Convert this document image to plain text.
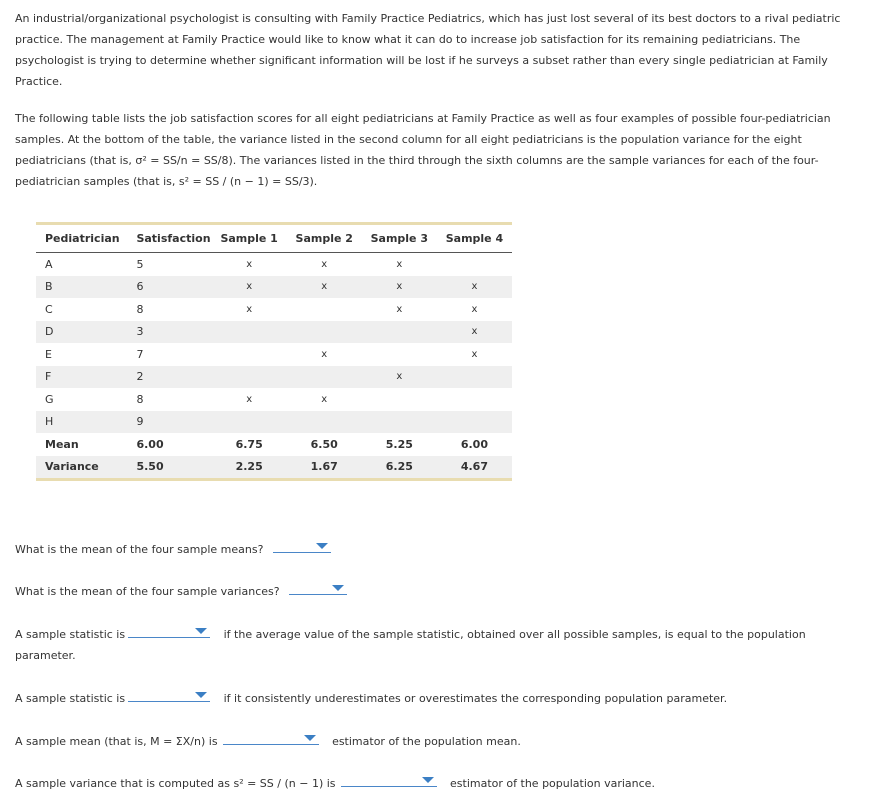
An industrial/organizational psychologist is consulting with Family Practice Pediatrics, which has just lost several of its best doctors to a rival pediatric practice. The management at Family Practice would like to know what it can do to increase job satisfaction for its remaining pediatricians. The psychologist is trying to determine whether significant information will be lost if he surveys a subset rather than every single pediatrician at Family Practice.

The following table lists the job satisfaction scores for all eight pediatricians at Family Practice as well as four examples of possible four-pediatrician samples. At the bottom of the table, the variance listed in the second column for all eight pediatricians is the population variance for the eight pediatricians (that is, σ² = SS/n = SS/8). The variances listed in the third through the sixth columns are the sample variances for each of the four-pediatrician samples (that is, s² = SS / (n − 1) = SS/3).

Pediatrician	Satisfaction	Sample 1	Sample 2	Sample 3	Sample 4
A	5	x	x	x	
B	6	x	x	x	x
C	8	x		x	x
D	3				x
E	7		x		x
F	2			x	
G	8	x	x		
H	9				
Mean	6.00	6.75	6.50	5.25	6.00
Variance	5.50	2.25	1.67	6.25	4.67
What is the mean of the four sample means?
What is the mean of the four sample variances?
A sample statistic is	if the average value of the sample statistic, obtained over all possible samples, is equal to the population parameter.
A sample statistic is	if it consistently underestimates or overestimates the corresponding population parameter.
A sample mean (that is, M = ΣX/n) is	estimator of the population mean.
A sample variance that is computed as s² = SS / (n − 1) is	estimator of the population variance.
